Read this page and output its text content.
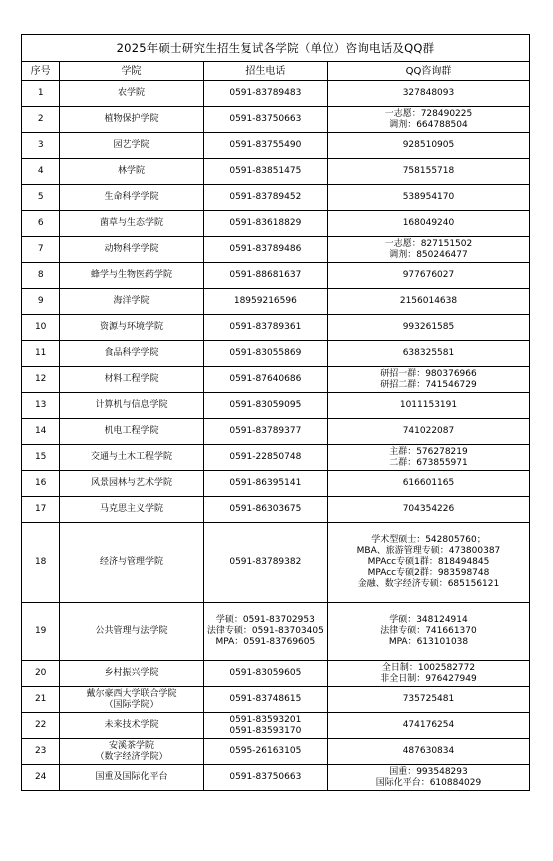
2025年硕士研究生招生复试各学院（单位）咨询电话及QQ群			
序号	学院	招生电话	QQ咨询群
1	农学院	0591-83789483	327848093

2	植物保护学院	0591-83750663	一志愿：728490225
调剂：664788504

3	园艺学院	0591-83755490	928510905

4	林学院	0591-83851475	758155718

5	生命科学学院	0591-83789452	538954170

6	菌草与生态学院	0591-83618829	168049240

7	动物科学学院	0591-83789486	一志愿：827151502
调剂：850246477

8	蜂学与生物医药学院	0591-88681637	977676027

9	海洋学院	18959216596	2156014638

10	资源与环境学院	0591-83789361	993261585

11	食品科学学院	0591-83055869	638325581

12	材料工程学院	0591-87640686	研招一群：980376966
研招二群：741546729

13	计算机与信息学院	0591-83059095	1011153191

14	机电工程学院	0591-83789377	741022087

15	交通与土木工程学院	0591-22850748	主群：576278219
二群：673855971

16	风景园林与艺术学院	0591-86395141	616601165

17	马克思主义学院	0591-86303675	704354226

18	经济与管理学院	0591-83789382	学术型硕士：542805760；
MBA、旅游管理专硕：473800387
MPAcc专硕1群：818494845
MPAcc专硕2群：983598748
金融、数字经济专硕：685156121

19	公共管理与法学院	学硕：0591-83702953
法律专硕：0591-83703405
MPA：0591-83769605	学硕：348124914
法律专硕：741661370
MPA：613101038

20	乡村振兴学院	0591-83059605	全日制：1002582772
非全日制：976427949

21	戴尔豪西大学联合学院
（国际学院）	0591-83748615	735725481

22	未来技术学院	0591-83593201
0591-83593170	474176254

23	安溪茶学院
（数字经济学院）	0595-26163105	487630834

24	国重及国际化平台	0591-83750663	国重：993548293
国际化平台：610884029
